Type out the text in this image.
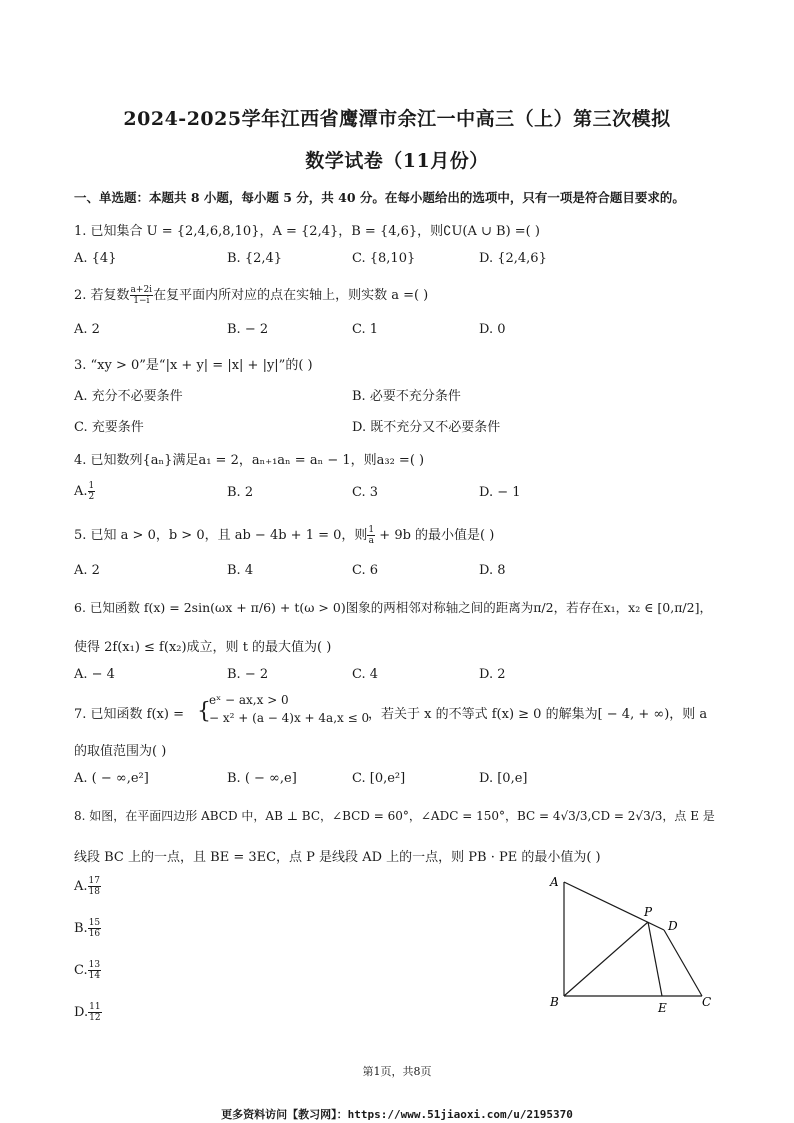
2024-2025学年江西省鹰潭市余江一中高三（上）第三次模拟
数学试卷（11月份）
一、单选题：本题共 8 小题，每小题 5 分，共 40 分。在每小题给出的选项中，只有一项是符合题目要求的。
1. 已知集合 U = {2,4,6,8,10}，A = {2,4}，B = {4,6}，则∁U(A ∪ B) =( )
A. {4}	B. {2,4}	C. {8,10}	D. {2,4,6}
2. 若复数 $\frac{a+2i}{1-i}$ 在复平面内所对应的点在实轴上，则实数 a =( )
A. 2	B. − 2	C. 1	D. 0
3. “xy > 0”是“|x + y| = |x| + |y|”的( )
A. 充分不必要条件	B. 必要不充分条件
C. 充要条件	D. 既不充分又不必要条件
4. 已知数列{aₙ}满足a₁ = 2，aₙ₊₁aₙ = aₙ − 1，则a₃₂ =( )
A. $\frac{1}{2}$	B. 2	C. 3	D. − 1
5. 已知 a > 0，b > 0，且 ab − 4b + 1 = 0，则 $\frac{1}{a} + 9b$ 的最小值是( )
A. 2	B. 4	C. 6	D. 8
6. 已知函数 f(x) = 2sin(ωx + π/6) + t(ω > 0)图象的两相邻对称轴之间的距离为π/2，若存在x₁，x₂ ∈ [0,π/2]，
使得 2f(x₁) ≤ f(x₂)成立，则 t 的最大值为( )
A. − 4	B. − 2	C. 4	D. 2
7. 已知函数 f(x) = {
eˣ − ax,x > 0
− x² + (a − 4)x + 4a,x ≤ 0
，若关于 x 的不等式 f(x) ≥ 0 的解集为[ − 4, + ∞)，则 a
的取值范围为( )
A. ( − ∞,e²]	B. ( − ∞,e]	C. [0,e²]	D. [0,e]
8. 如图，在平面四边形 ABCD 中，AB ⊥ BC，∠BCD = 60°，∠ADC = 150°，BC = 4√3/3,CD = 2√3/3，点 E 是
线段 BC 上的一点，且 BE = 3EC，点 P 是线段 AD 上的一点，则 PB · PE 的最小值为( )
A. $\frac{17}{18}$
B. $\frac{15}{16}$
C. $\frac{13}{14}$
D. $\frac{11}{12}$
A
P
D
B	E	C
第1页，共8页
更多资料访问【教习网】：https://www.51jiaoxi.com/u/2195370
